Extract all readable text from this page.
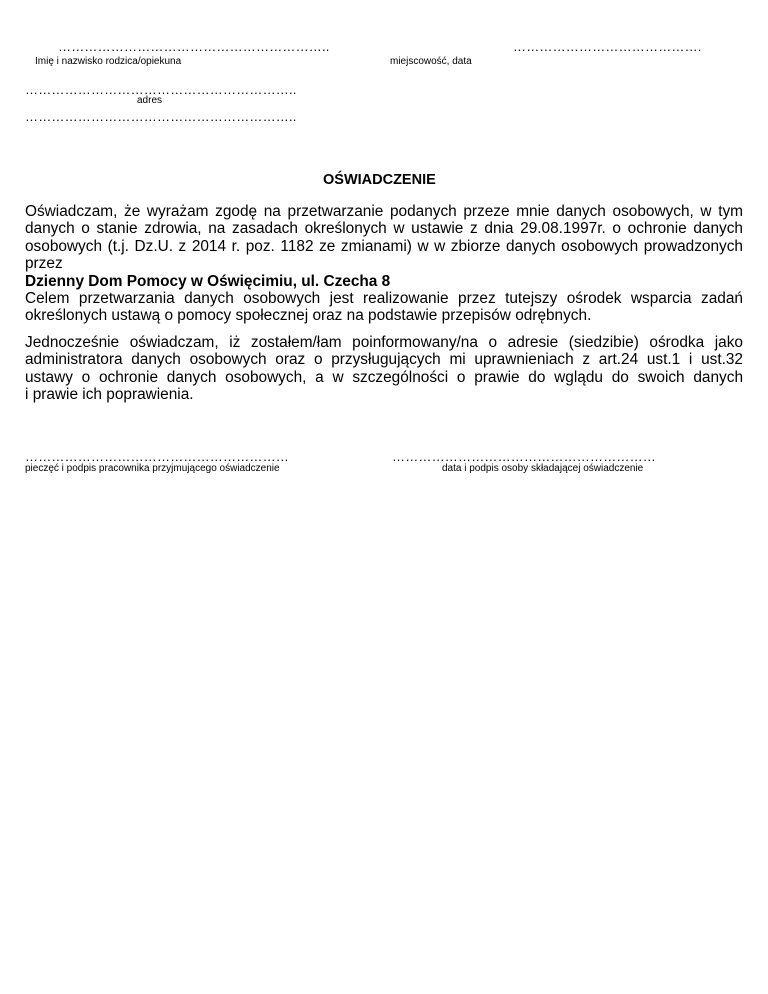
……………………………………………………..
Imię i nazwisko rodzica/opiekuna
…………………………………….
miejscowość, data
……………………………………………………..
adres
……………………………………………………..
OŚWIADCZENIE
Oświadczam, że wyrażam zgodę na przetwarzanie podanych przeze mnie danych osobowych, w tym
danych o stanie zdrowia, na zasadach określonych w ustawie z dnia 29.08.1997r. o ochronie danych
osobowych (t.j. Dz.U. z 2014 r. poz. 1182 ze zmianami) w w zbiorze danych osobowych prowadzonych
przez
Dzienny Dom Pomocy w Oświęcimiu, ul. Czecha 8
Celem przetwarzania danych osobowych jest realizowanie przez tutejszy ośrodek wsparcia zadań
określonych ustawą o pomocy społecznej oraz na podstawie przepisów odrębnych.
Jednocześnie oświadczam, iż zostałem/łam poinformowany/na o adresie (siedzibie) ośrodka jako
administratora danych osobowych oraz o przysługujących mi uprawnieniach z art.24 ust.1 i ust.32
ustawy o ochronie danych osobowych, a w szczególności o prawie do wglądu do swoich danych
i prawie ich poprawienia.
……………………………………………………
pieczęć i podpis pracownika przyjmującego oświadczenie
……………………………………………………
data i podpis osoby składającej oświadczenie
